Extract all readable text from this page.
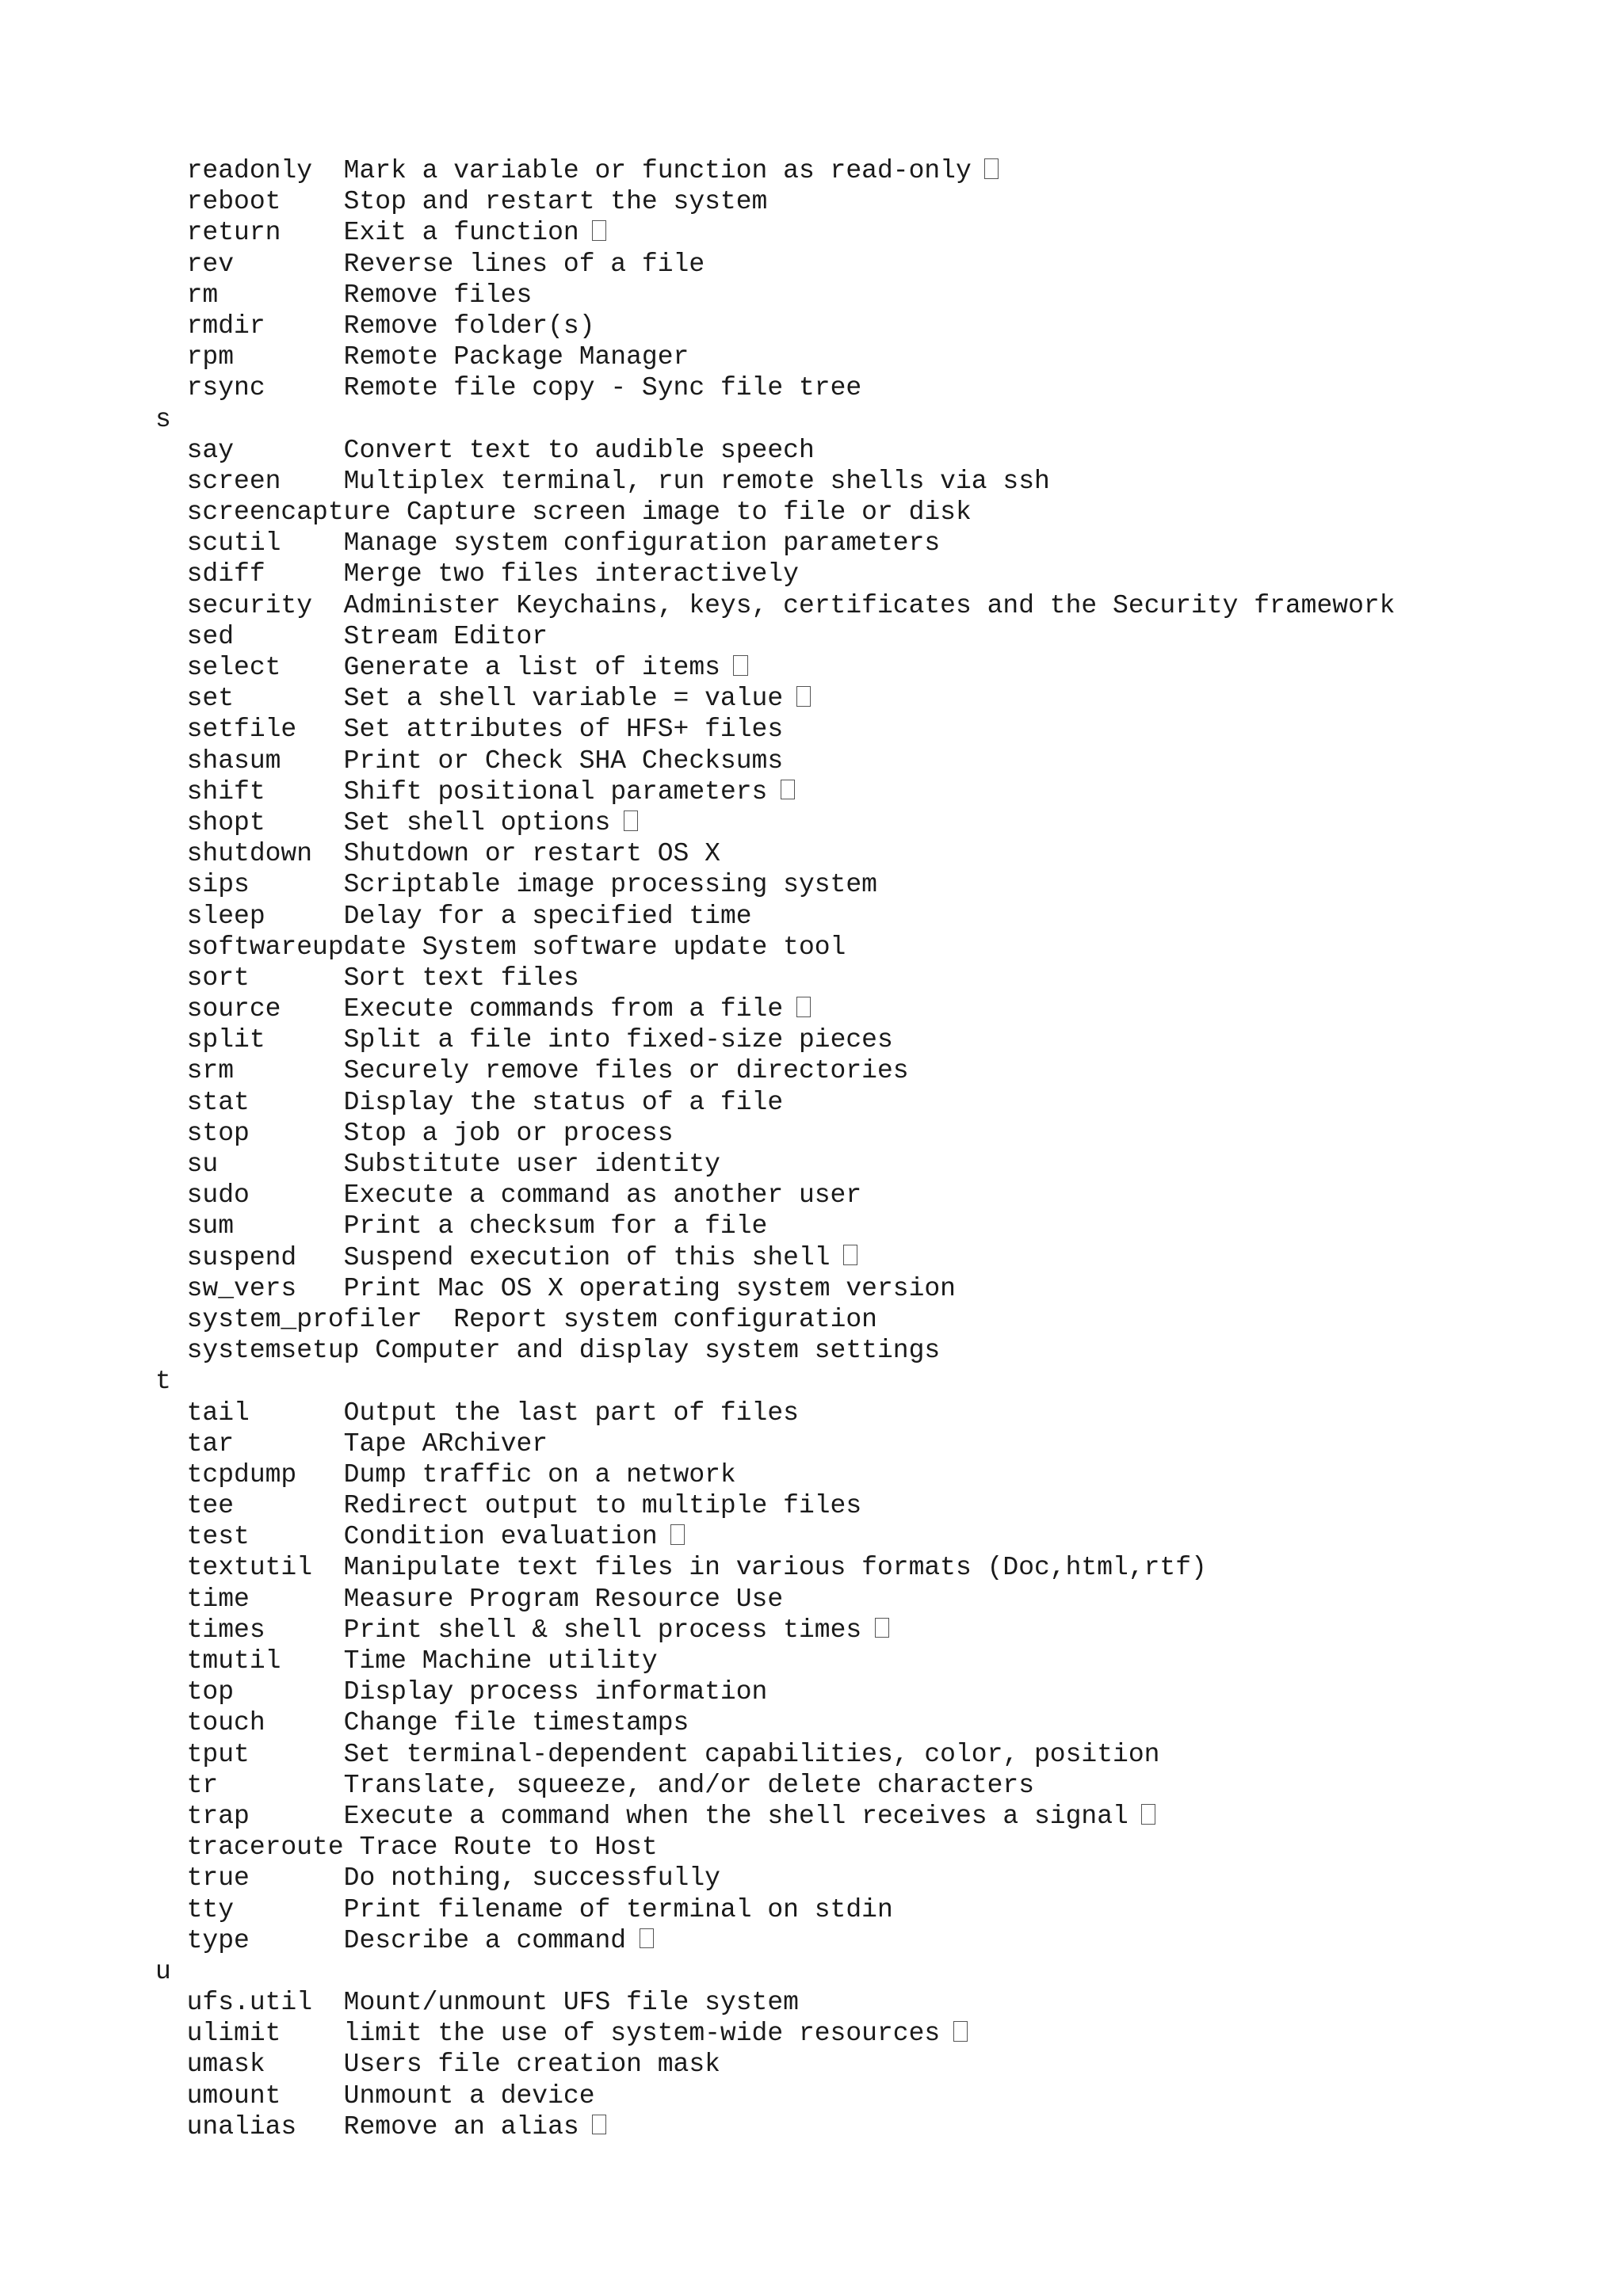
readonly Mark a variable or function as read-only
reboot Stop and restart the system
return Exit a function
rev	Reverse lines of a file
rm	Remove files
rmdir	Remove folder(s)
rpm	Remote Package Manager
rsync	Remote file copy - Sync file tree
s
say	Convert text to audible speech
screen Multiplex terminal, run remote shells via ssh
screencapture Capture screen image to file or disk
scutil Manage system configuration parameters
sdiff	Merge two files interactively
security Administer Keychains, keys, certificates and the Security framework
sed	Stream Editor
select Generate a list of items
set	Set a shell variable = value
setfile Set attributes of HFS+ files
shasum Print or Check SHA Checksums
shift	Shift positional parameters
shopt	Set shell options
shutdown Shutdown or restart OS X
sips	Scriptable image processing system
sleep	Delay for a specified time
softwareupdate System software update tool
sort	Sort text files
source Execute commands from a file
split	Split a file into fixed-size pieces
srm	Securely remove files or directories
stat	Display the status of a file
stop	Stop a job or process
su	Substitute user identity
sudo	Execute a command as another user
sum	Print a checksum for a file
suspend Suspend execution of this shell
sw_vers Print Mac OS X operating system version
system_profiler  Report system configuration
systemsetup Computer and display system settings
t
tail	Output the last part of files
tar	Tape ARchiver
tcpdump Dump traffic on a network
tee	Redirect output to multiple files
test	Condition evaluation
textutil Manipulate text files in various formats (Doc,html,rtf)
time	Measure Program Resource Use
times	Print shell & shell process times
tmutil Time Machine utility
top	Display process information
touch	Change file timestamps
tput	Set terminal-dependent capabilities, color, position
tr	Translate, squeeze, and/or delete characters
trap	Execute a command when the shell receives a signal
traceroute Trace Route to Host
true	Do nothing, successfully
tty	Print filename of terminal on stdin
type	Describe a command
u
ufs.util Mount/unmount UFS file system
ulimit limit the use of system-wide resources
umask	Users file creation mask
umount Unmount a device
unalias Remove an alias
